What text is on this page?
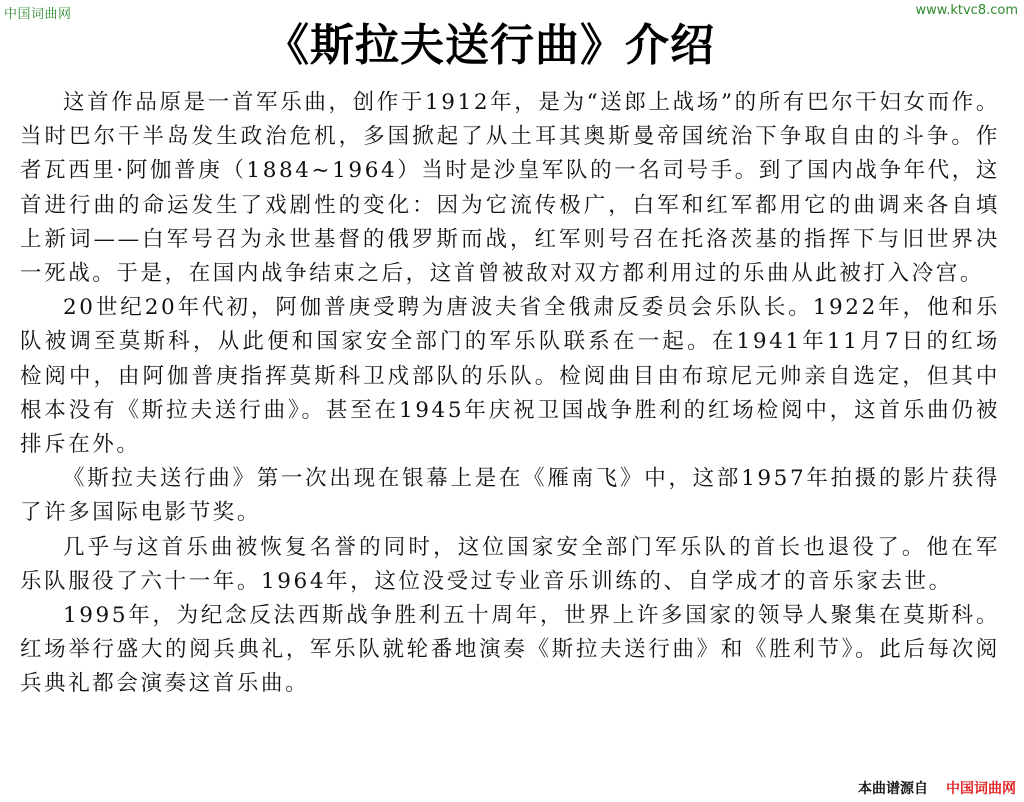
中国词曲网	www.ktvc8.com
《斯拉夫送行曲》介绍

这首作品原是一首军乐曲，创作于1912年，是为“送郎上战场”的所有巴尔干妇女而作。当时巴尔干半岛发生政治危机，多国掀起了从土耳其奥斯曼帝国统治下争取自由的斗争。作者瓦西里·阿伽普庚（1884~1964）当时是沙皇军队的一名司号手。到了国内战争年代，这首进行曲的命运发生了戏剧性的变化：因为它流传极广，白军和红军都用它的曲调来各自填上新词——白军号召为永世基督的俄罗斯而战，红军则号召在托洛茨基的指挥下与旧世界决一死战。于是，在国内战争结束之后，这首曾被敌对双方都利用过的乐曲从此被打入冷宫。

20世纪20年代初，阿伽普庚受聘为唐波夫省全俄肃反委员会乐队长。1922年，他和乐队被调至莫斯科，从此便和国家安全部门的军乐队联系在一起。在1941年11月7日的红场检阅中，由阿伽普庚指挥莫斯科卫戍部队的乐队。检阅曲目由布琼尼元帅亲自选定，但其中根本没有《斯拉夫送行曲》。甚至在1945年庆祝卫国战争胜利的红场检阅中，这首乐曲仍被排斥在外。

《斯拉夫送行曲》第一次出现在银幕上是在《雁南飞》中，这部1957年拍摄的影片获得了许多国际电影节奖。

几乎与这首乐曲被恢复名誉的同时，这位国家安全部门军乐队的首长也退役了。他在军乐队服役了六十一年。1964年，这位没受过专业音乐训练的、自学成才的音乐家去世。

1995年，为纪念反法西斯战争胜利五十周年，世界上许多国家的领导人聚集在莫斯科。红场举行盛大的阅兵典礼，军乐队就轮番地演奏《斯拉夫送行曲》和《胜利节》。此后每次阅兵典礼都会演奏这首乐曲。

本曲谱源自 中国词曲网
